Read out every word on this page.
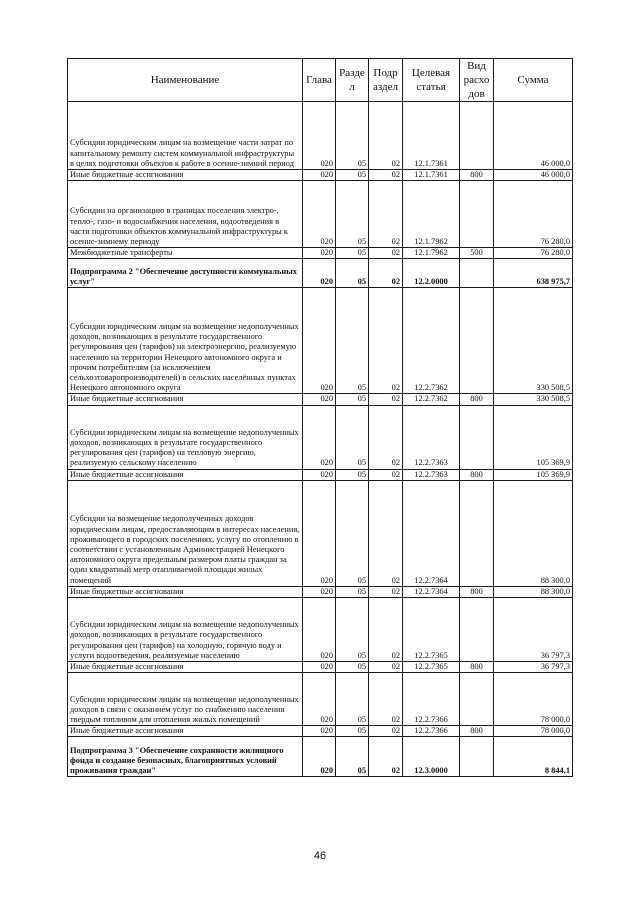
Наименование	Глава	Разде л	Подр аздел	Целевая статья	Вид расхо дов	Сумма
Субсидии юридическим лицам на возмещение части затрат по капитальному ремонту систем коммунальной инфраструктуры в целях подготовки объектов к работе в осенне-зимний период	020	05	02	12.1.7361		46 000,0
Иные бюджетные ассигнования	020	05	02	12.1.7361	800	46 000,0
Субсидии на организацию в границах поселения электро-, тепло-, газо- и водоснабжения населения, водоотведения в части подготовки объектов коммунальной инфраструктуры к осенне-зимнему периоду	020	05	02	12.1.7962		76 280,0
Межбюджетные трансферты	020	05	02	12.1.7962	500	76 280,0
Подпрограмма 2 "Обеспечение доступности коммунальных услуг"	020	05	02	12.2.0000		638 975,7
Субсидии юридическим лицам на возмещение недополученных доходов, возникающих в результате государственного регулирования цен (тарифов) на электроэнергию, реализуемую населению на территории Ненецкого автономного округа и прочим потребителям (за исключением сельхозтоваропроизводителей) в сельских населённых пунктах Ненецкого автономного округа	020	05	02	12.2.7362		330 508,5
Иные бюджетные ассигнования	020	05	02	12.2.7362	800	330 508,5
Субсидии юридическим лицам на возмещение недополученных доходов, возникающих в результате государственного регулирования цен (тарифов) на тепловую энергию, реализуемую сельскому населению	020	05	02	12.2.7363		105 369,9
Иные бюджетные ассигнования	020	05	02	12.2.7363	800	105 369,9
Субсидии на возмещение недополученных доходов юридическим лицам, предоставляющим в интересах населения, проживающего в городских поселениях, услугу по отоплению в соответствии с установленным Администрацией Ненецкого автономного округа предельным размером платы граждан за один квадратный метр отапливаемой площади жилых помещений	020	05	02	12.2.7364		88 300,0
Иные бюджетные ассигнования	020	05	02	12.2.7364	800	88 300,0
Субсидии юридическим лицам на возмещение недополученных доходов, возникающих в результате государственного регулирования цен (тарифов) на холодную, горячую воду и услуги водоотведения, реализуемые населению	020	05	02	12.2.7365		36 797,3
Иные бюджетные ассигнования	020	05	02	12.2.7365	800	36 797,3
Субсидии юридическим лицам на возмещение недополученных доходов в связи с оказанием услуг по снабжению населения твердым топливом для отопления жилых помещений	020	05	02	12.2.7366		78 000,0
Иные бюджетные ассигнования	020	05	02	12.2.7366	800	78 000,0
Подпрограмма 3 "Обеспечение сохранности жилищного фонда и создание безопасных, благоприятных условий проживания граждан"	020	05	02	12.3.0000		8 844,1
46
